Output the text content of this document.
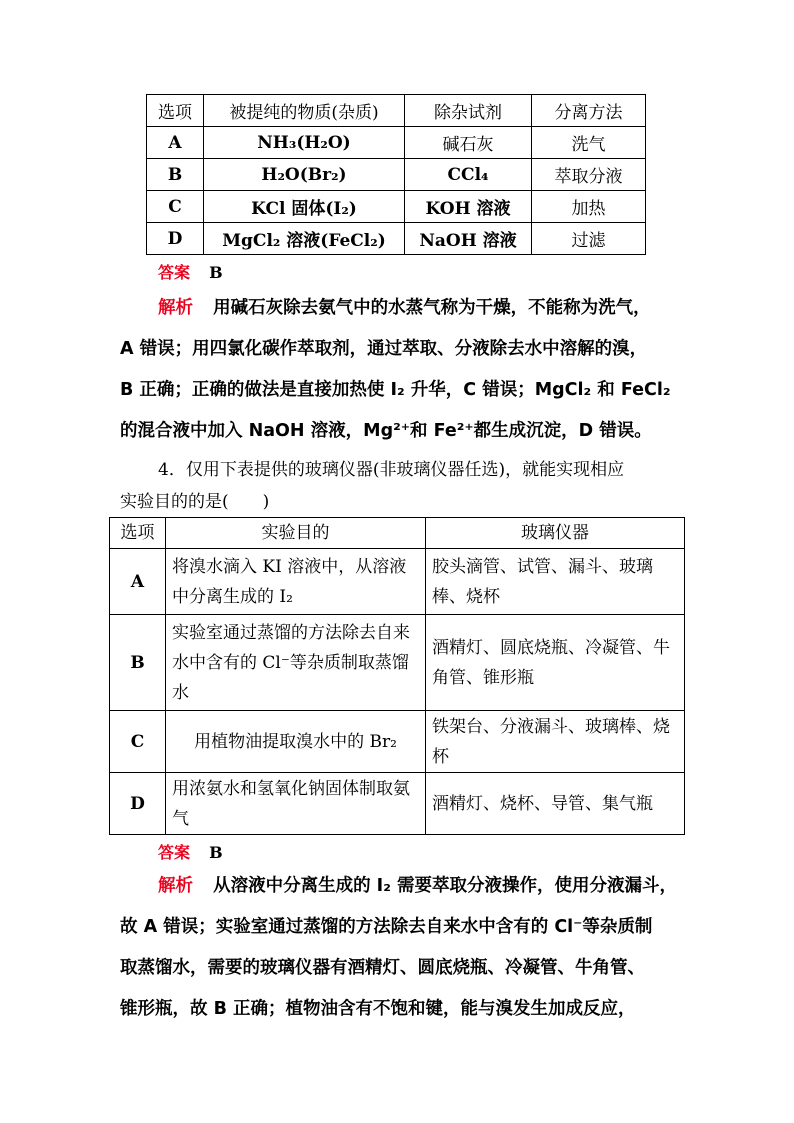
选项	被提纯的物质(杂质)	除杂试剂	分离方法
A	NH₃(H₂O)	碱石灰	洗气
B	H₂O(Br₂)	CCl₄	萃取分液
C	KCl 固体(I₂)	KOH 溶液	加热
D	MgCl₂ 溶液(FeCl₂)	NaOH 溶液	过滤
答案 B
解析 用碱石灰除去氨气中的水蒸气称为干燥，不能称为洗气，
A 错误；用四氯化碳作萃取剂，通过萃取、分液除去水中溶解的溴，
B 正确；正确的做法是直接加热使 I₂ 升华，C 错误；MgCl₂ 和 FeCl₂
的混合液中加入 NaOH 溶液，Mg²⁺和 Fe²⁺都生成沉淀，D 错误。
4．仅用下表提供的玻璃仪器(非玻璃仪器任选)，就能实现相应
实验目的的是(　　)
选项	实验目的	玻璃仪器
A	将溴水滴入 KI 溶液中，从溶液中分离生成的 I₂	胶头滴管、试管、漏斗、玻璃棒、烧杯
B	实验室通过蒸馏的方法除去自来水中含有的 Cl⁻等杂质制取蒸馏水	酒精灯、圆底烧瓶、冷凝管、牛角管、锥形瓶
C	用植物油提取溴水中的 Br₂	铁架台、分液漏斗、玻璃棒、烧杯
D	用浓氨水和氢氧化钠固体制取氨气	酒精灯、烧杯、导管、集气瓶
答案 B
解析 从溶液中分离生成的 I₂ 需要萃取分液操作，使用分液漏斗，
故 A 错误；实验室通过蒸馏的方法除去自来水中含有的 Cl⁻等杂质制
取蒸馏水，需要的玻璃仪器有酒精灯、圆底烧瓶、冷凝管、牛角管、
锥形瓶，故 B 正确；植物油含有不饱和键，能与溴发生加成反应，
